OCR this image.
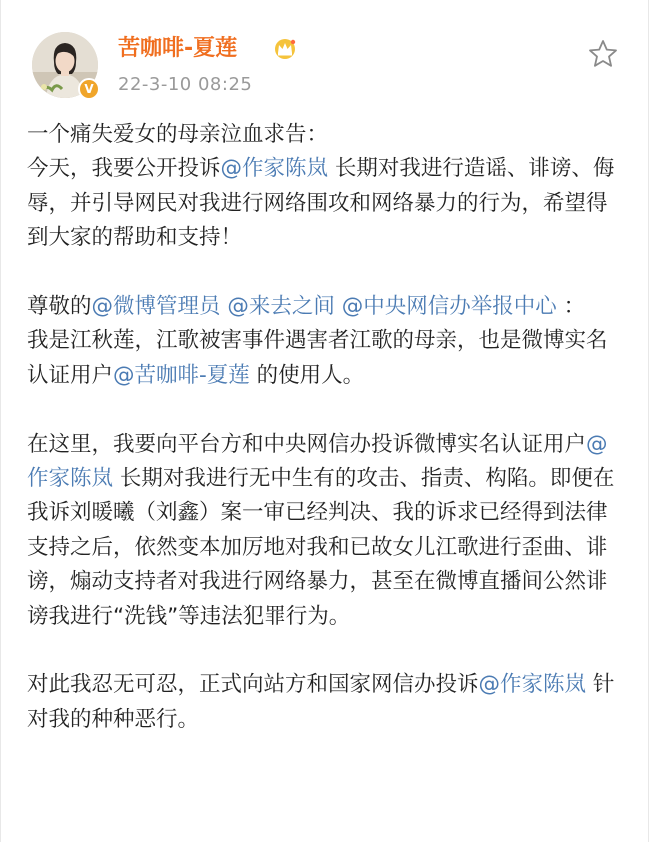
V
苦咖啡-夏莲
22-3-10 08:25

一个痛失爱女的母亲泣血求告：
今天，我要公开投诉@作家陈岚 长期对我进行造谣、诽谤、侮辱，并引导网民对我进行网络围攻和网络暴力的行为，希望得到大家的帮助和支持！

尊敬的@微博管理员 @来去之间 @中央网信办举报中心 ：
我是江秋莲，江歌被害事件遇害者江歌的母亲，也是微博实名认证用户@苦咖啡-夏莲 的使用人。

在这里，我要向平台方和中央网信办投诉微博实名认证用户@作家陈岚 长期对我进行无中生有的攻击、指责、构陷。即便在我诉刘暖曦（刘鑫）案一审已经判决、我的诉求已经得到法律支持之后，依然变本加厉地对我和已故女儿江歌进行歪曲、诽谤，煽动支持者对我进行网络暴力，甚至在微博直播间公然诽谤我进行“洗钱”等违法犯罪行为。

对此我忍无可忍，正式向站方和国家网信办投诉@作家陈岚 针对我的种种恶行。
